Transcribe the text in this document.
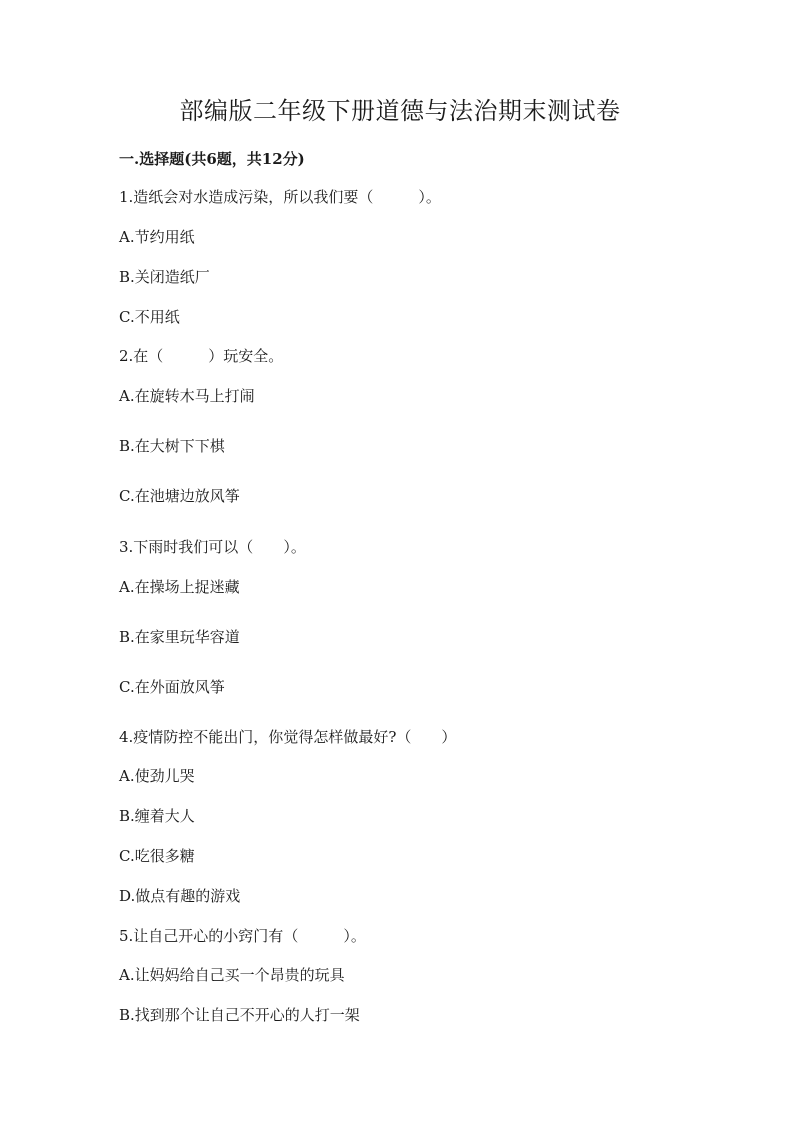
部编版二年级下册道德与法治期末测试卷
一.选择题(共6题，共12分)
1.造纸会对水造成污染，所以我们要（　　　）。
A.节约用纸
B.关闭造纸厂
C.不用纸
2.在（　　　）玩安全。
A.在旋转木马上打闹
B.在大树下下棋
C.在池塘边放风筝
3.下雨时我们可以（　　）。
A.在操场上捉迷藏
B.在家里玩华容道
C.在外面放风筝
4.疫情防控不能出门，你觉得怎样做最好?（　　）
A.使劲儿哭
B.缠着大人
C.吃很多糖
D.做点有趣的游戏
5.让自己开心的小窍门有（　　　）。
A.让妈妈给自己买一个昂贵的玩具
B.找到那个让自己不开心的人打一架
